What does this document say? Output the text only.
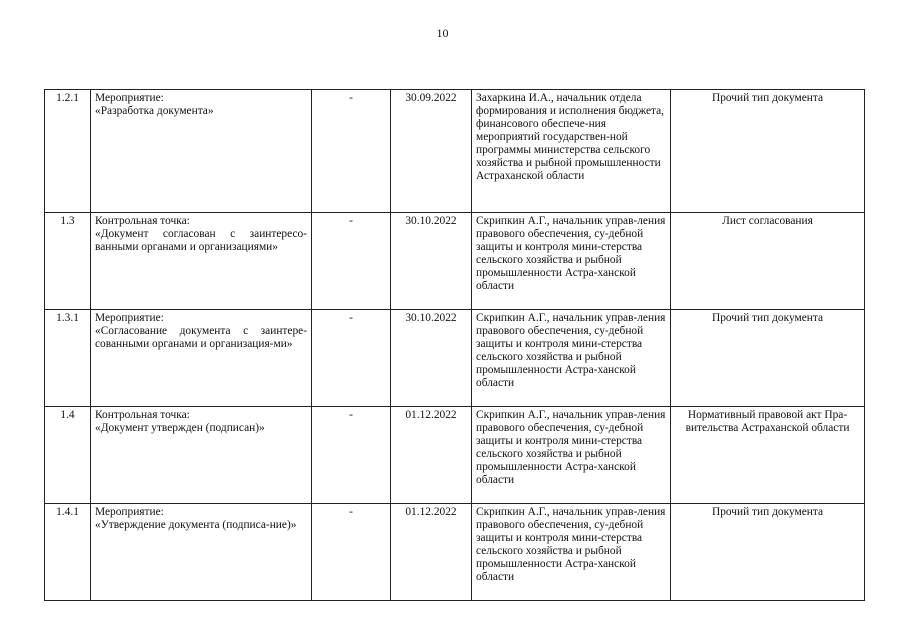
10
1.2.1	Мероприятие:
«Разработка документа»	-	30.09.2022	Захаркина И.А., начальник отдела формирования и исполнения бюджета, финансового обеспече-ния мероприятий государствен-ной программы министерства сельского хозяйства и рыбной промышленности Астраханской области	Прочий тип документа
1.3	Контрольная точка:
«Документ согласован с заинтересо-ванными органами и организациями»	-	30.10.2022	Скрипкин А.Г., начальник управ-ления правового обеспечения, су-дебной защиты и контроля мини-стерства сельского хозяйства и рыбной промышленности Астра-ханской области	Лист согласования
1.3.1	Мероприятие:
«Согласование документа с заинтере-сованными органами и организация-ми»	-	30.10.2022	Скрипкин А.Г., начальник управ-ления правового обеспечения, су-дебной защиты и контроля мини-стерства сельского хозяйства и рыбной промышленности Астра-ханской области	Прочий тип документа
1.4	Контрольная точка:
«Документ утвержден (подписан)»	-	01.12.2022	Скрипкин А.Г., начальник управ-ления правового обеспечения, су-дебной защиты и контроля мини-стерства сельского хозяйства и рыбной промышленности Астра-ханской области	Нормативный правовой акт Пра-вительства Астраханской области
1.4.1	Мероприятие:
«Утверждение документа (подписа-ние)»	-	01.12.2022	Скрипкин А.Г., начальник управ-ления правового обеспечения, су-дебной защиты и контроля мини-стерства сельского хозяйства и рыбной промышленности Астра-ханской области	Прочий тип документа
